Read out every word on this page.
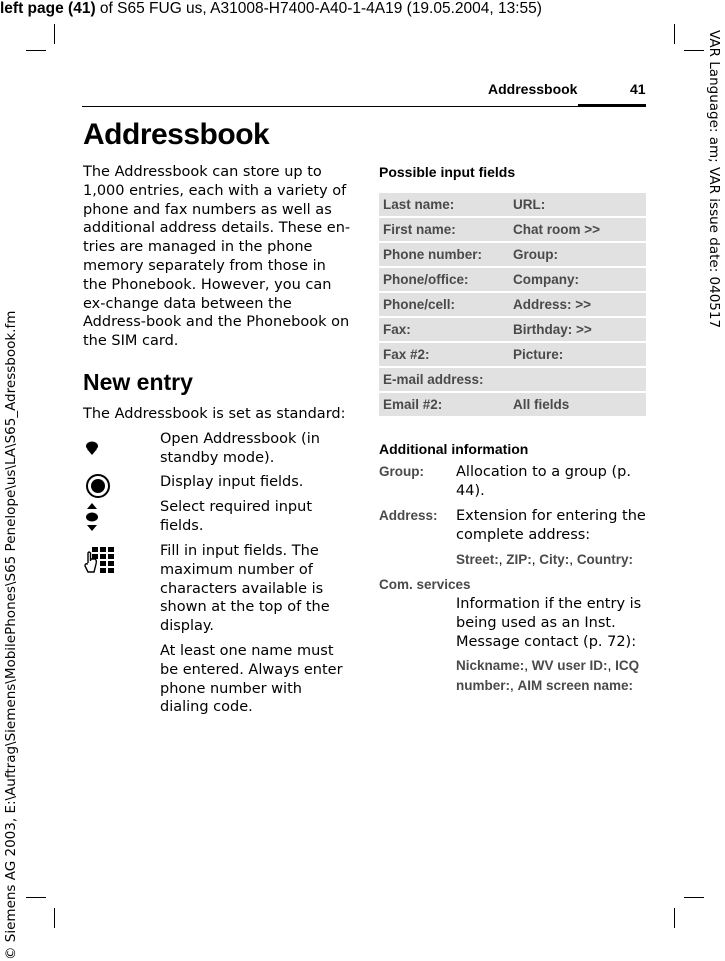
left page (41) of S65 FUG us, A31008-H7400-A40-1-4A19 (19.05.2004, 13:55)
VAR Language: am; VAR issue date: 040517
© Siemens AG 2003, E:\Auftrag\Siemens\MobilePhones\S65 Penelope\us\LA\S65_Adressbook.fm
Addressbook	41
Addressbook
The Addressbook can store up to 1,000 entries, each with a variety of phone and fax numbers as well as additional address details. These en-tries are managed in the phone memory separately from those in the Phonebook. However, you can ex-change data between the Address-book and the Phonebook on the SIM card.
New entry
The Addressbook is set as standard:
Open Addressbook (in standby mode).
Display input fields.
Select required input fields.
Fill in input fields. The maximum number of characters available is shown at the top of the display.
At least one name must be entered. Always enter phone number with dialing code.
Possible input fields
Last name:	URL:
First name:	Chat room >>
Phone number:	Group:
Phone/office:	Company:
Phone/cell:	Address: >>
Fax:	Birthday: >>
Fax #2:	Picture:
E-mail address:	
Email #2:	All fields
Additional information
Group: Allocation to a group (p. 44).
Address: Extension for entering the complete address:
Street:, ZIP:, City:, Country:
Com. services
Information if the entry is being used as an Inst. Message contact (p. 72):
Nickname:, WV user ID:, ICQ number:, AIM screen name:
